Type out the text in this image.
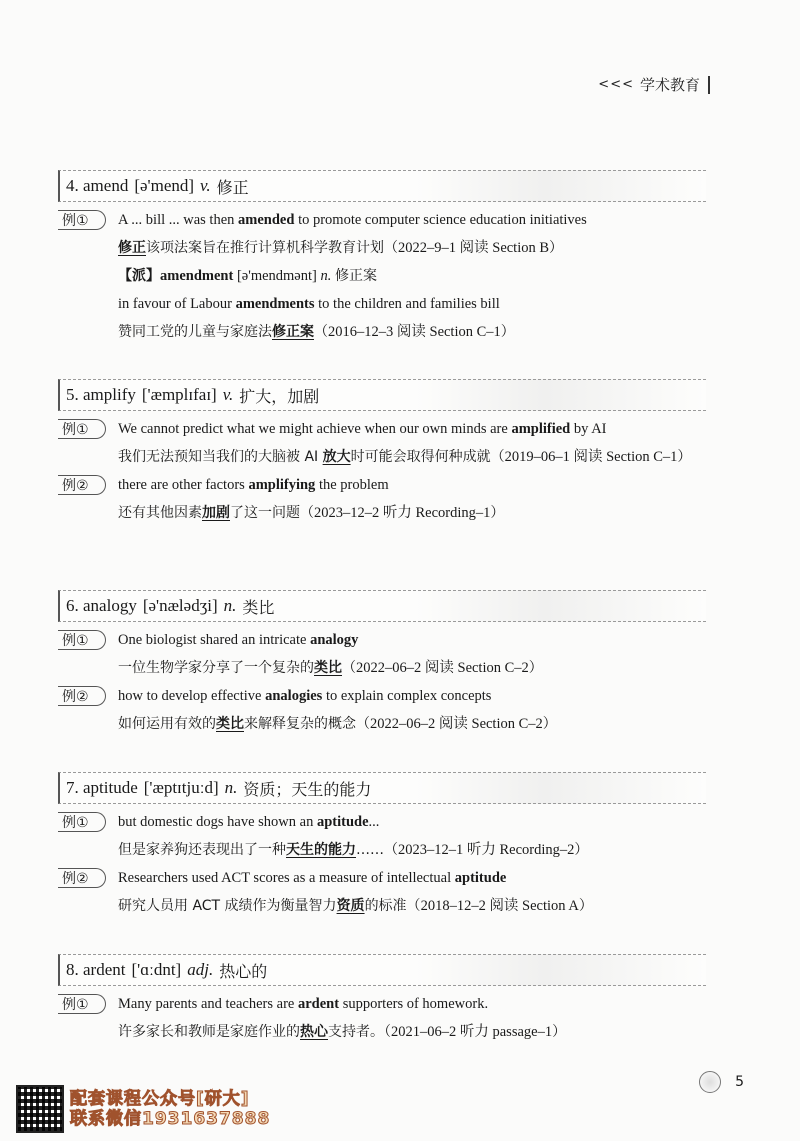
<<< 学术教育
4. amend [ə'mend] v. 修正
例①	A ... bill ... was then amended to promote computer science education initiatives
修正该项法案旨在推行计算机科学教育计划（2022–9–1 阅读 Section B）
【派】amendment [ə'mendmənt] n. 修正案
in favour of Labour amendments to the children and families bill
赞同工党的儿童与家庭法修正案（2016–12–3 阅读 Section C–1）
5. amplify ['æmplɪfaɪ] v. 扩大，加剧
例①	We cannot predict what we might achieve when our own minds are amplified by AI
我们无法预知当我们的大脑被 AI 放大时可能会取得何种成就（2019–06–1 阅读 Section C–1）
例②	there are other factors amplifying the problem
还有其他因素加剧了这一问题（2023–12–2 听力 Recording–1）
6. analogy [ə'nælədʒi] n. 类比
例①	One biologist shared an intricate analogy
一位生物学家分享了一个复杂的类比（2022–06–2 阅读 Section C–2）
例②	how to develop effective analogies to explain complex concepts
如何运用有效的类比来解释复杂的概念（2022–06–2 阅读 Section C–2）
7. aptitude ['æptɪtjuːd] n. 资质；天生的能力
例①	but domestic dogs have shown an aptitude...
但是家养狗还表现出了一种天生的能力……（2023–12–1 听力 Recording–2）
例②	Researchers used ACT scores as a measure of intellectual aptitude
研究人员用 ACT 成绩作为衡量智力资质的标准（2018–12–2 阅读 Section A）
8. ardent ['ɑːdnt] adj. 热心的
例①	Many parents and teachers are ardent supporters of homework.
许多家长和教师是家庭作业的热心支持者。（2021–06–2 听力 passage–1）
5
配套课程公众号[研大]
联系微信1931637888
